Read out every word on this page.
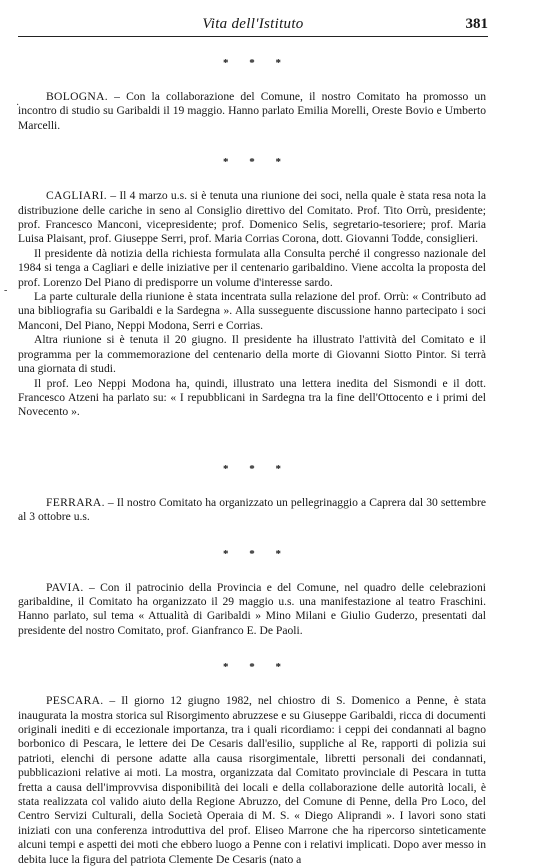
Vita dell'Istituto	381
·
-
* * *

BOLOGNA. – Con la collaborazione del Comune, il nostro Comitato ha promosso un incontro di studio su Garibaldi il 19 maggio. Hanno parlato Emilia Morelli, Oreste Bovio e Umberto Marcelli.

* * *

CAGLIARI. – Il 4 marzo u.s. si è tenuta una riunione dei soci, nella quale è stata resa nota la distribuzione delle cariche in seno al Consiglio direttivo del Comitato. Prof. Tito Orrù, presidente; prof. Francesco Manconi, vicepresidente; prof. Domenico Selis, segretario-tesoriere; prof. Maria Luisa Plaisant, prof. Giuseppe Serri, prof. Maria Corrias Corona, dott. Giovanni Todde, consiglieri.

Il presidente dà notizia della richiesta formulata alla Consulta perché il congresso nazionale del 1984 si tenga a Cagliari e delle iniziative per il centenario garibaldino. Viene accolta la proposta del prof. Lorenzo Del Piano di predisporre un volume d'interesse sardo.

La parte culturale della riunione è stata incentrata sulla relazione del prof. Orrù: « Contributo ad una bibliografia su Garibaldi e la Sardegna ». Alla susseguente discussione hanno partecipato i soci Manconi, Del Piano, Neppi Modona, Serri e Corrias.

Altra riunione si è tenuta il 20 giugno. Il presidente ha illustrato l'attività del Comitato e il programma per la commemorazione del centenario della morte di Giovanni Siotto Pintor. Si terrà una giornata di studi.

Il prof. Leo Neppi Modona ha, quindi, illustrato una lettera inedita del Sismondi e il dott. Francesco Atzeni ha parlato su: « I repubblicani in Sardegna tra la fine dell'Ottocento e i primi del Novecento ».

* * *

FERRARA. – Il nostro Comitato ha organizzato un pellegrinaggio a Caprera dal 30 settembre al 3 ottobre u.s.

* * *

PAVIA. – Con il patrocinio della Provincia e del Comune, nel quadro delle celebrazioni garibaldine, il Comitato ha organizzato il 29 maggio u.s. una manifestazione al teatro Fraschini. Hanno parlato, sul tema « Attualità di Garibaldi » Mino Milani e Giulio Guderzo, presentati dal presidente del nostro Comitato, prof. Gianfranco E. De Paoli.

* * *

PESCARA. – Il giorno 12 giugno 1982, nel chiostro di S. Domenico a Penne, è stata inaugurata la mostra storica sul Risorgimento abruzzese e su Giuseppe Garibaldi, ricca di documenti originali inediti e di eccezionale importanza, tra i quali ricordiamo: i ceppi dei condannati al bagno borbonico di Pescara, le lettere dei De Cesaris dall'esilio, suppliche al Re, rapporti di polizia sui patrioti, elenchi di persone adatte alla causa risorgimentale, libretti personali dei condannati, pubblicazioni relative ai moti. La mostra, organizzata dal Comitato provinciale di Pescara in tutta fretta a causa dell'improvvisa disponibilità dei locali e della collaborazione delle autorità locali, è stata realizzata col valido aiuto della Regione Abruzzo, del Comune di Penne, della Pro Loco, del Centro Servizi Culturali, della Società Operaia di M. S. « Diego Aliprandi ». I lavori sono stati iniziati con una conferenza introduttiva del prof. Eliseo Marrone che ha ripercorso sinteticamente alcuni tempi e aspetti dei moti che ebbero luogo a Penne con i relativi implicati. Dopo aver messo in debita luce la figura del patriota Clemente De Cesaris (nato a
